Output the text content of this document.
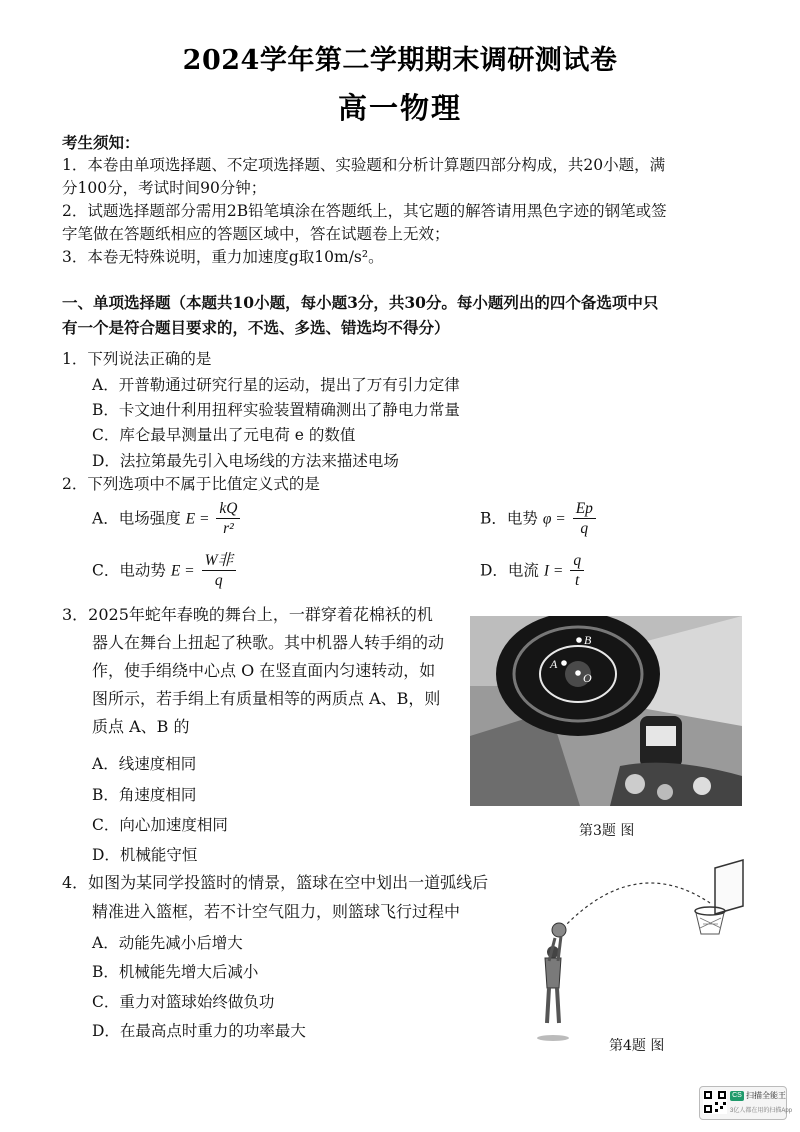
2024学年第二学期期末调研测试卷
高一物理
考生须知：
1．本卷由单项选择题、不定项选择题、实验题和分析计算题四部分构成，共20小题，满
分100分，考试时间90分钟；
2．试题选择题部分需用2B铅笔填涂在答题纸上，其它题的解答请用黑色字迹的钢笔或签
字笔做在答题纸相应的答题区域中，答在试题卷上无效；
3．本卷无特殊说明，重力加速度g取10m/s²。
一、单项选择题（本题共10小题，每小题3分，共30分。每小题列出的四个备选项中只
有一个是符合题目要求的，不选、多选、错选均不得分）
1．下列说法正确的是
A．开普勒通过研究行星的运动，提出了万有引力定律
B．卡文迪什利用扭秤实验装置精确测出了静电力常量
C．库仑最早测量出了元电荷 e 的数值
D．法拉第最先引入电场线的方法来描述电场
2．下列选项中不属于比值定义式的是
A．电场强度 $E = \frac{kQ}{\text{r²}}$	B．电势 $\varphi = \frac{Ep}{q}$
C．电动势 $E = \frac{\text{W非}}{q}$	D．电流 $I = \frac{q}{t}$
3．2025年蛇年春晚的舞台上，一群穿着花棉袄的机
器人在舞台上扭起了秧歌。其中机器人转手绢的动
作，使手绢绕中心点 O 在竖直面内匀速转动，如
图所示，若手绢上有质量相等的两质点 A、B，则
质点 A、B 的
A．线速度相同
B．角速度相同
C．向心加速度相同
D．机械能守恒
O
A
B
第3题 图
4．如图为某同学投篮时的情景，篮球在空中划出一道弧线后
精准进入篮框，若不计空气阻力，则篮球飞行过程中
A．动能先减小后增大
B．机械能先增大后减小
C．重力对篮球始终做负功
D．在最高点时重力的功率最大
第4题 图
CS 扫描全能王
3亿人都在用的扫描App
